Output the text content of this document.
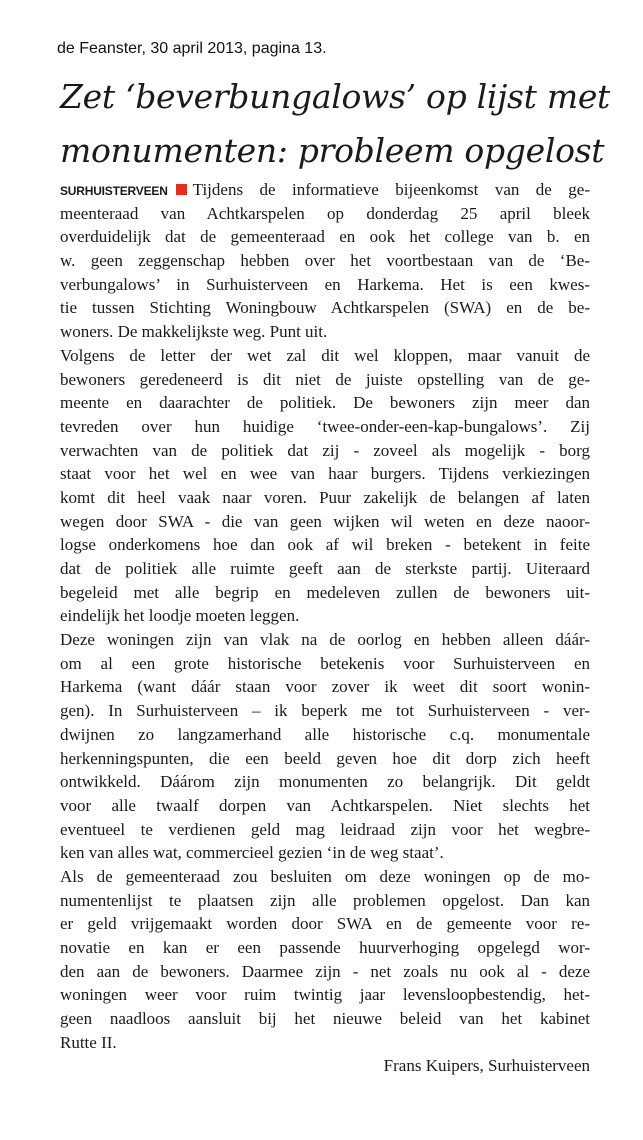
de Feanster, 30 april 2013, pagina 13.
Zet ‘beverbungalows’ op lijst met
monumenten: probleem opgelost
SURHUISTERVEEN Tijdens de informatieve bijeenkomst van de ge-
meenteraad van Achtkarspelen op donderdag 25 april bleek
overduidelijk dat de gemeenteraad en ook het college van b. en
w. geen zeggenschap hebben over het voortbestaan van de ‘Be-
verbungalows’ in Surhuisterveen en Harkema. Het is een kwes-
tie tussen Stichting Woningbouw Achtkarspelen (SWA) en de be-
woners. De makkelijkste weg. Punt uit.
Volgens de letter der wet zal dit wel kloppen, maar vanuit de
bewoners geredeneerd is dit niet de juiste opstelling van de ge-
meente en daarachter de politiek. De bewoners zijn meer dan
tevreden over hun huidige ‘twee-onder-een-kap-bungalows’. Zij
verwachten van de politiek dat zij - zoveel als mogelijk - borg
staat voor het wel en wee van haar burgers. Tijdens verkiezingen
komt dit heel vaak naar voren. Puur zakelijk de belangen af laten
wegen door SWA - die van geen wijken wil weten en deze naoor-
logse onderkomens hoe dan ook af wil breken - betekent in feite
dat de politiek alle ruimte geeft aan de sterkste partij. Uiteraard
begeleid met alle begrip en medeleven zullen de bewoners uit-
eindelijk het loodje moeten leggen.
Deze woningen zijn van vlak na de oorlog en hebben alleen dáár-
om al een grote historische betekenis voor Surhuisterveen en
Harkema (want dáár staan voor zover ik weet dit soort wonin-
gen). In Surhuisterveen – ik beperk me tot Surhuisterveen - ver-
dwijnen zo langzamerhand alle historische c.q. monumentale
herkenningspunten, die een beeld geven hoe dit dorp zich heeft
ontwikkeld. Dáárom zijn monumenten zo belangrijk. Dit geldt
voor alle twaalf dorpen van Achtkarspelen. Niet slechts het
eventueel te verdienen geld mag leidraad zijn voor het wegbre-
ken van alles wat, commercieel gezien ‘in de weg staat’.
Als de gemeenteraad zou besluiten om deze woningen op de mo-
numentenlijst te plaatsen zijn alle problemen opgelost. Dan kan
er geld vrijgemaakt worden door SWA en de gemeente voor re-
novatie en kan er een passende huurverhoging opgelegd wor-
den aan de bewoners. Daarmee zijn - net zoals nu ook al - deze
woningen weer voor ruim twintig jaar levensloopbestendig, het-
geen naadloos aansluit bij het nieuwe beleid van het kabinet
Rutte II.
Frans Kuipers, Surhuisterveen
